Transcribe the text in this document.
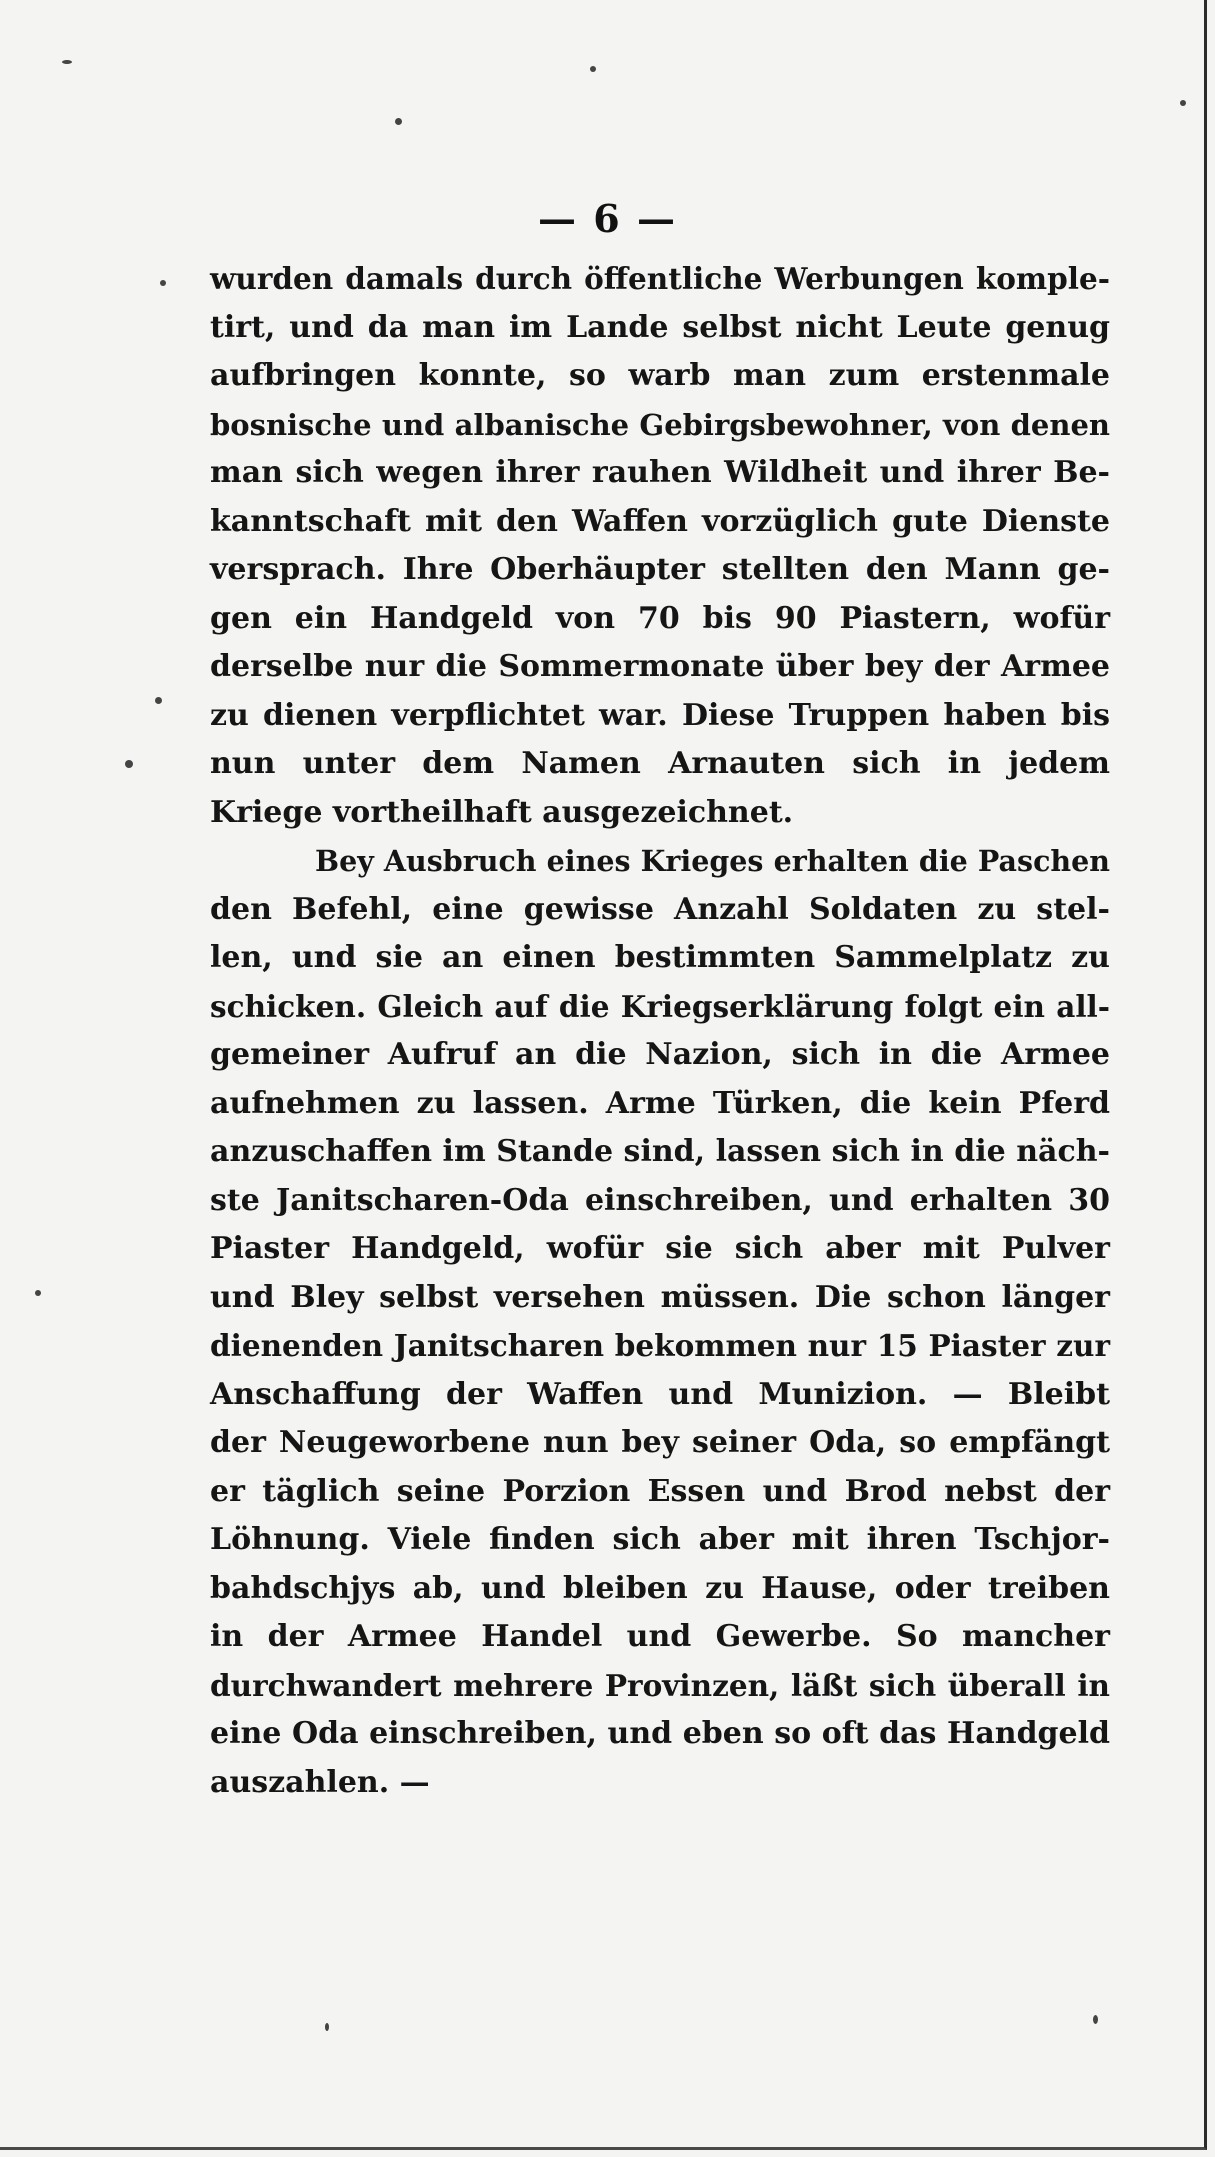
— 6 —
wurden damals durch öffentliche Werbungen komple-
tirt, und da man im Lande selbst nicht Leute genug
aufbringen konnte, so warb man zum erstenmale
bosnische und albanische Gebirgsbewohner, von denen
man sich wegen ihrer rauhen Wildheit und ihrer Be-
kanntschaft mit den Waffen vorzüglich gute Dienste
versprach. Ihre Oberhäupter stellten den Mann ge-
gen ein Handgeld von 70 bis 90 Piastern, wofür
derselbe nur die Sommermonate über bey der Armee
zu dienen verpflichtet war. Diese Truppen haben bis
nun unter dem Namen Arnauten sich in jedem
Kriege vortheilhaft ausgezeichnet.
Bey Ausbruch eines Krieges erhalten die Paschen
den Befehl, eine gewisse Anzahl Soldaten zu stel-
len, und sie an einen bestimmten Sammelplatz zu
schicken. Gleich auf die Kriegserklärung folgt ein all-
gemeiner Aufruf an die Nazion, sich in die Armee
aufnehmen zu lassen. Arme Türken, die kein Pferd
anzuschaffen im Stande sind, lassen sich in die näch-
ste Janitscharen-Oda einschreiben, und erhalten 30
Piaster Handgeld, wofür sie sich aber mit Pulver
und Bley selbst versehen müssen. Die schon länger
dienenden Janitscharen bekommen nur 15 Piaster zur
Anschaffung der Waffen und Munizion. — Bleibt
der Neugeworbene nun bey seiner Oda, so empfängt
er täglich seine Porzion Essen und Brod nebst der
Löhnung. Viele finden sich aber mit ihren Tschjor-
bahdschjys ab, und bleiben zu Hause, oder treiben
in der Armee Handel und Gewerbe. So mancher
durchwandert mehrere Provinzen, läßt sich überall in
eine Oda einschreiben, und eben so oft das Handgeld
auszahlen. —
